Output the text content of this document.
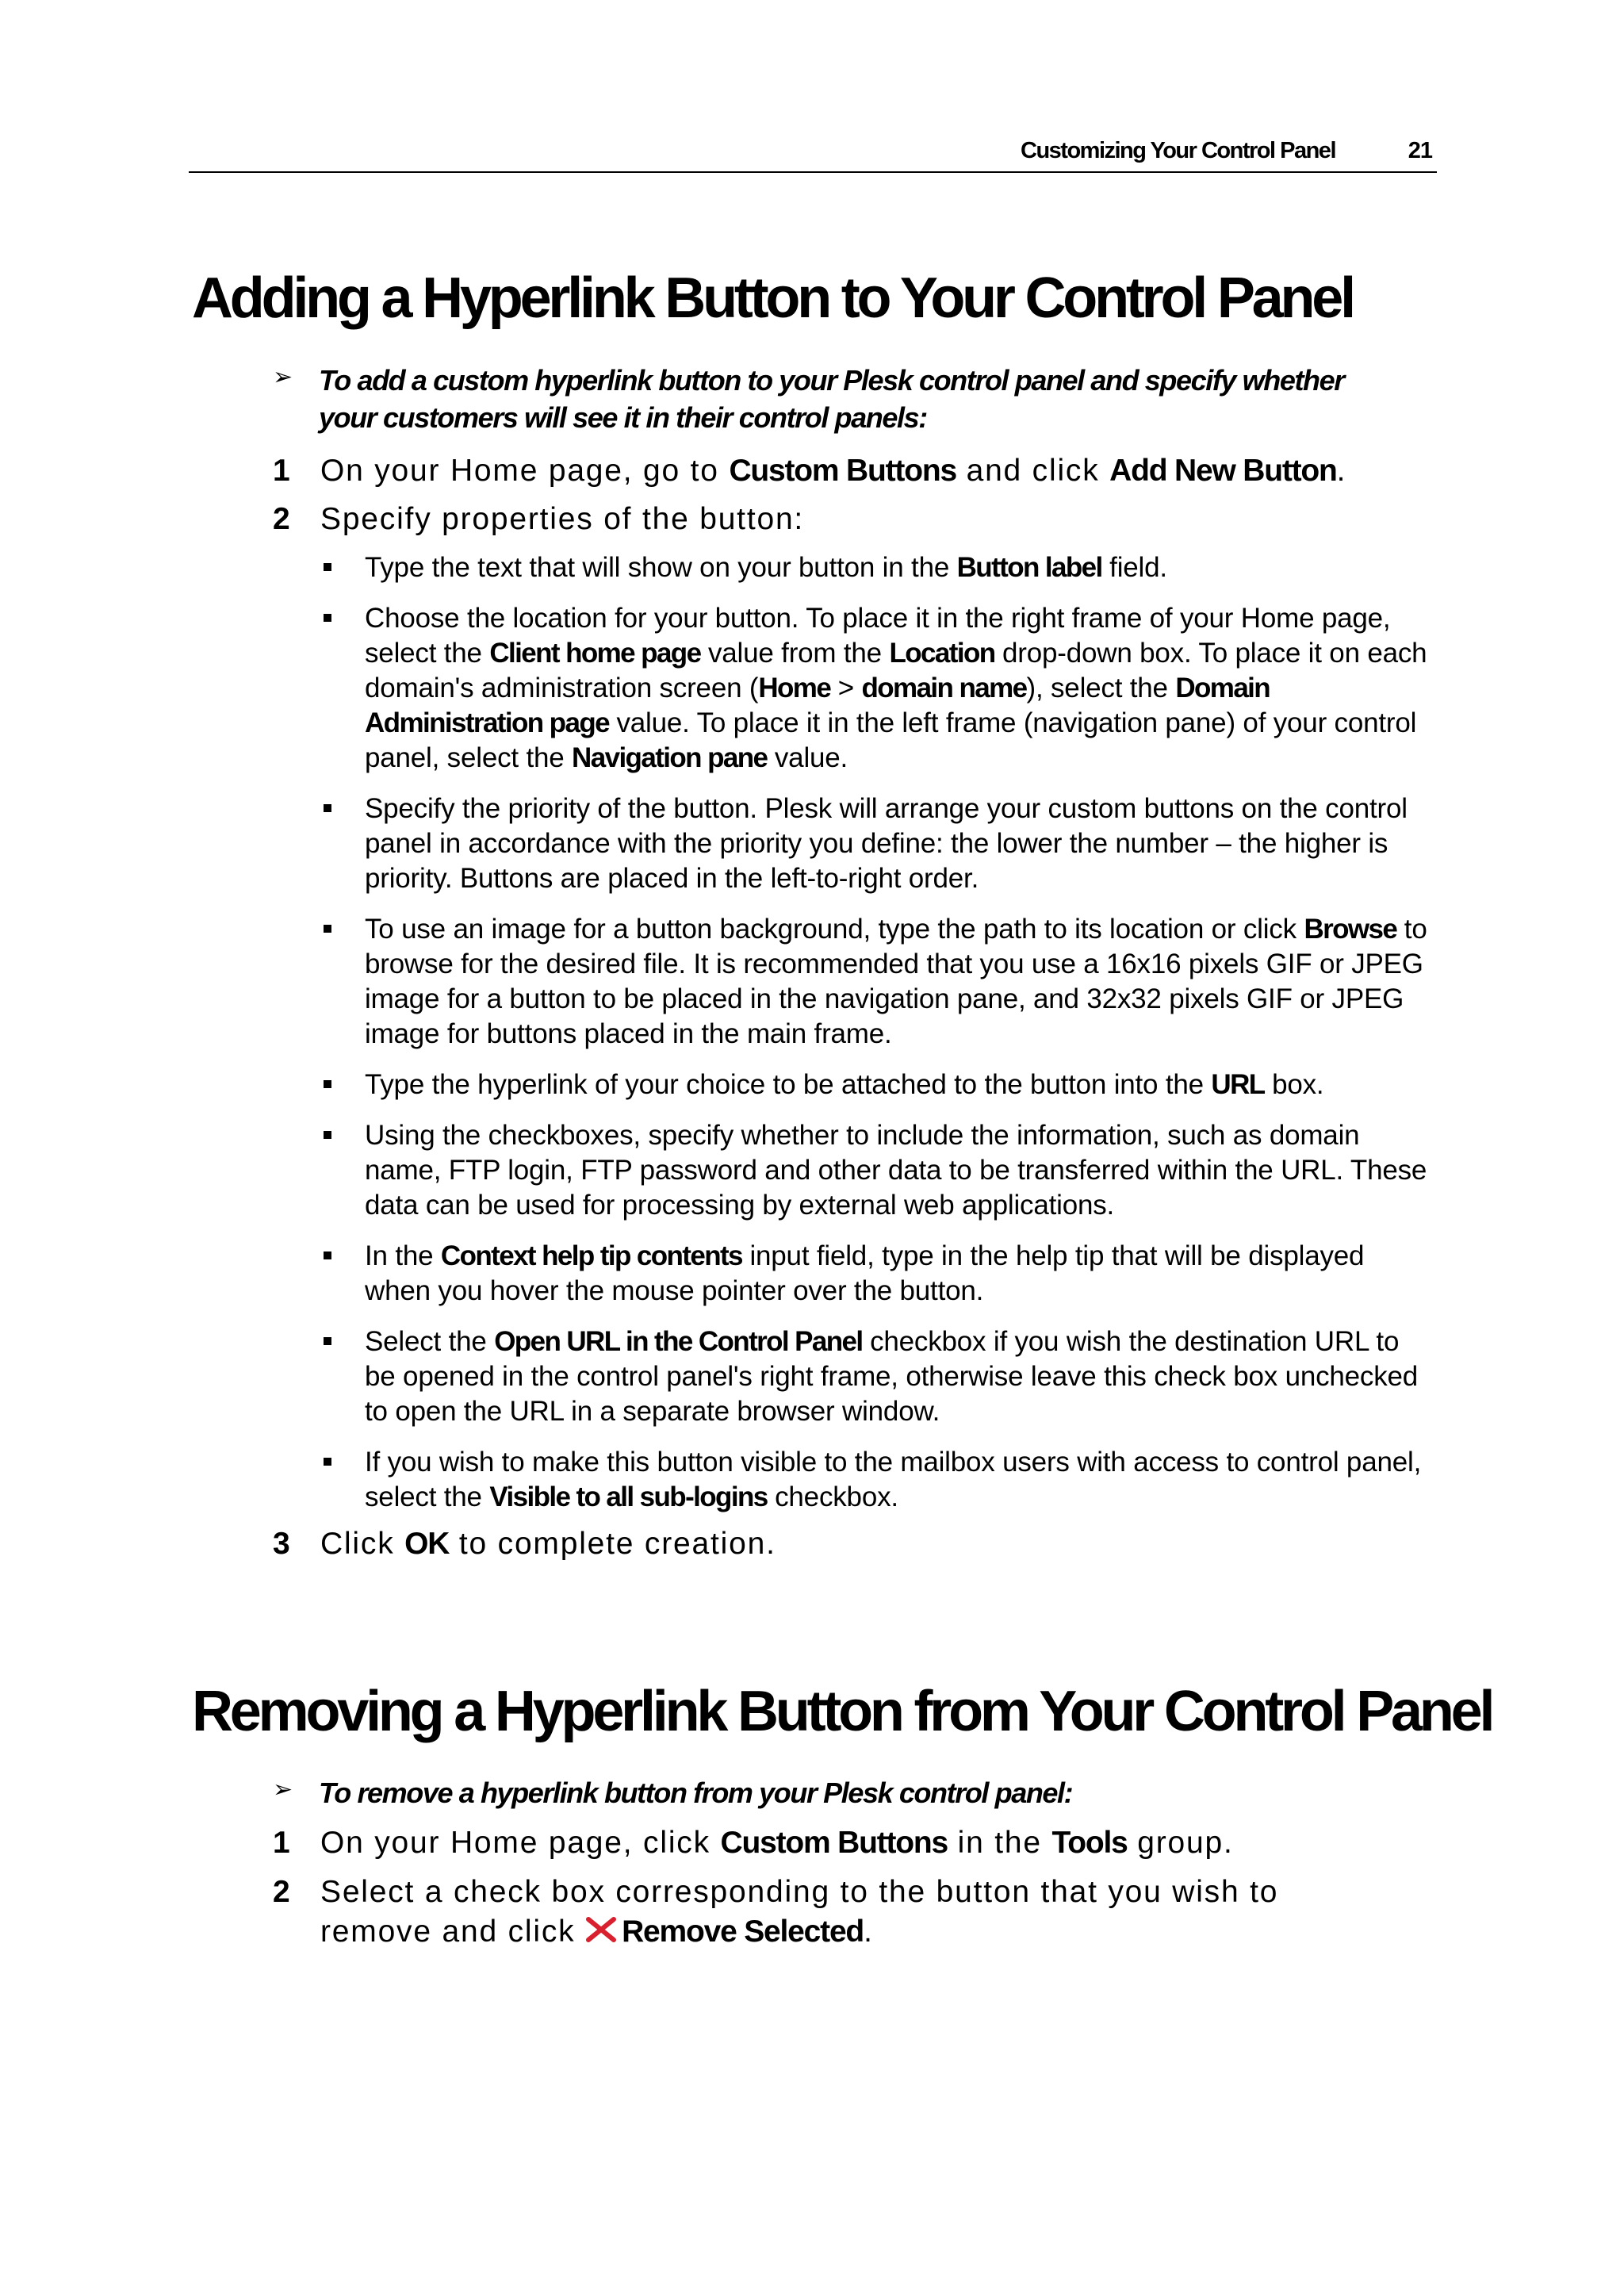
Customizing Your Control Panel	21
Adding a Hyperlink Button to Your Control Panel
➢ To add a custom hyperlink button to your Plesk control panel and specify whether
your customers will see it in their control panels:
1 On your Home page, go to Custom Buttons and click Add New Button.
2 Specify properties of the button:
Type the text that will show on your button in the Button label field.
Choose the location for your button. To place it in the right frame of your Home page, select the Client home page value from the Location drop-down box. To place it on each domain's administration screen (Home > domain name), select the Domain Administration page value. To place it in the left frame (navigation pane) of your control panel, select the Navigation pane value.
Specify the priority of the button. Plesk will arrange your custom buttons on the control panel in accordance with the priority you define: the lower the number – the higher is priority. Buttons are placed in the left-to-right order.
To use an image for a button background, type the path to its location or click Browse to browse for the desired file. It is recommended that you use a 16x16 pixels GIF or JPEG image for a button to be placed in the navigation pane, and 32x32 pixels GIF or JPEG image for buttons placed in the main frame.
Type the hyperlink of your choice to be attached to the button into the URL box.
Using the checkboxes, specify whether to include the information, such as domain name, FTP login, FTP password and other data to be transferred within the URL. These data can be used for processing by external web applications.
In the Context help tip contents input field, type in the help tip that will be displayed when you hover the mouse pointer over the button.
Select the Open URL in the Control Panel checkbox if you wish the destination URL to be opened in the control panel's right frame, otherwise leave this check box unchecked to open the URL in a separate browser window.
If you wish to make this button visible to the mailbox users with access to control panel, select the Visible to all sub-logins checkbox.
3 Click OK to complete creation.
Removing a Hyperlink Button from Your Control Panel
➢ To remove a hyperlink button from your Plesk control panel:
1 On your Home page, click Custom Buttons in the Tools group.
2 Select a check box corresponding to the button that you wish to
remove and click Remove Selected.
